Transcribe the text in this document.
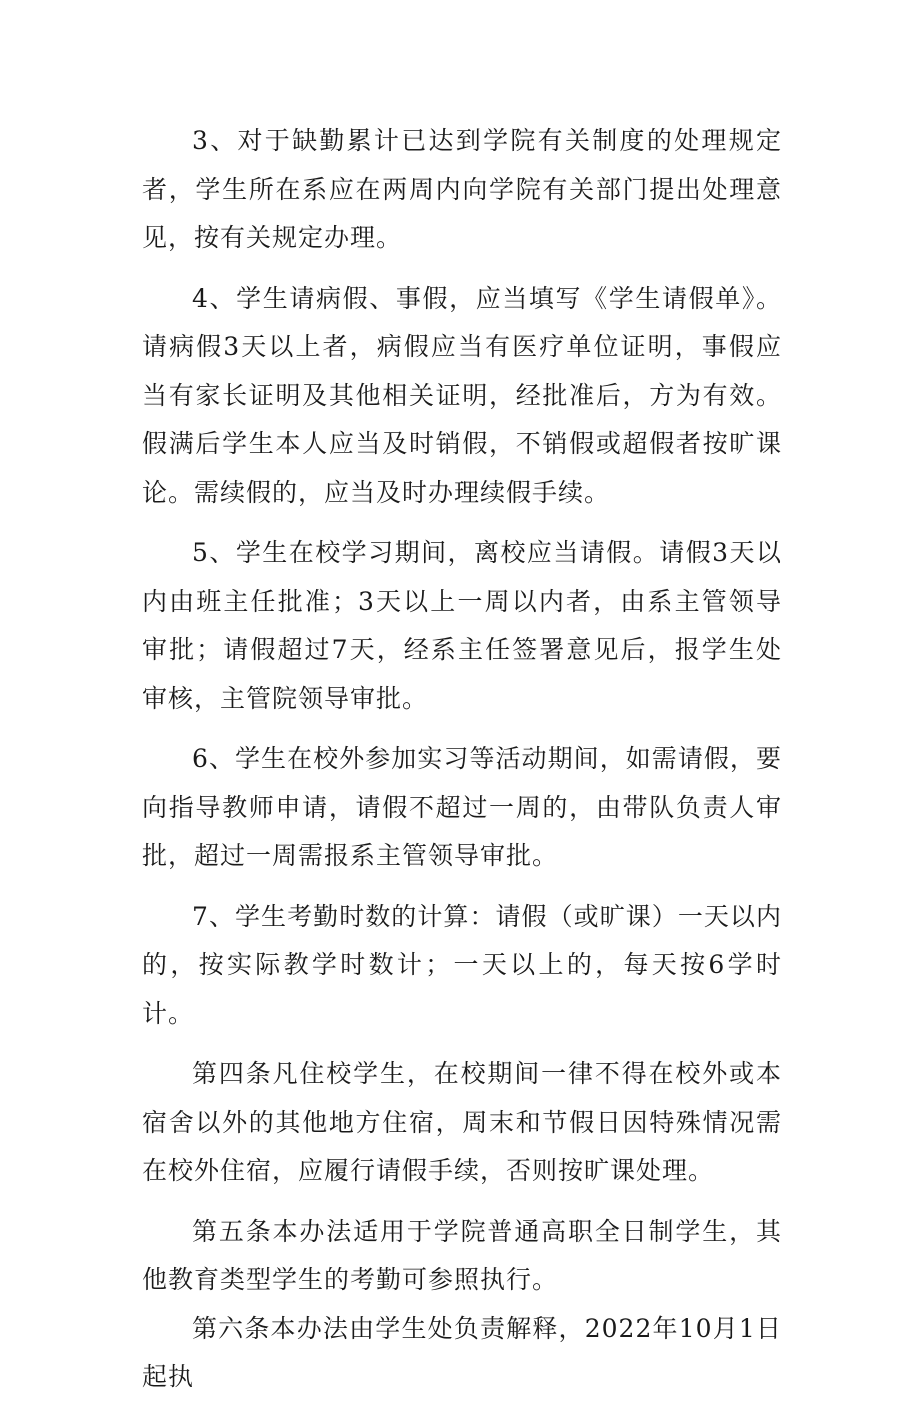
3、对于缺勤累计已达到学院有关制度的处理规定者，学生所在系应在两周内向学院有关部门提出处理意见，按有关规定办理。

4、学生请病假、事假，应当填写《学生请假单》。请病假3天以上者，病假应当有医疗单位证明，事假应当有家长证明及其他相关证明，经批准后，方为有效。假满后学生本人应当及时销假，不销假或超假者按旷课论。需续假的，应当及时办理续假手续。

5、学生在校学习期间，离校应当请假。请假3天以内由班主任批准；3天以上一周以内者，由系主管领导审批；请假超过7天，经系主任签署意见后，报学生处审核，主管院领导审批。

6、学生在校外参加实习等活动期间，如需请假，要向指导教师申请，请假不超过一周的，由带队负责人审批，超过一周需报系主管领导审批。

7、学生考勤时数的计算：请假（或旷课）一天以内的，按实际教学时数计；一天以上的，每天按6学时计。

第四条凡住校学生，在校期间一律不得在校外或本宿舍以外的其他地方住宿，周末和节假日因特殊情况需在校外住宿，应履行请假手续，否则按旷课处理。

第五条本办法适用于学院普通高职全日制学生，其他教育类型学生的考勤可参照执行。

第六条本办法由学生处负责解释，2022年10月1日起执
